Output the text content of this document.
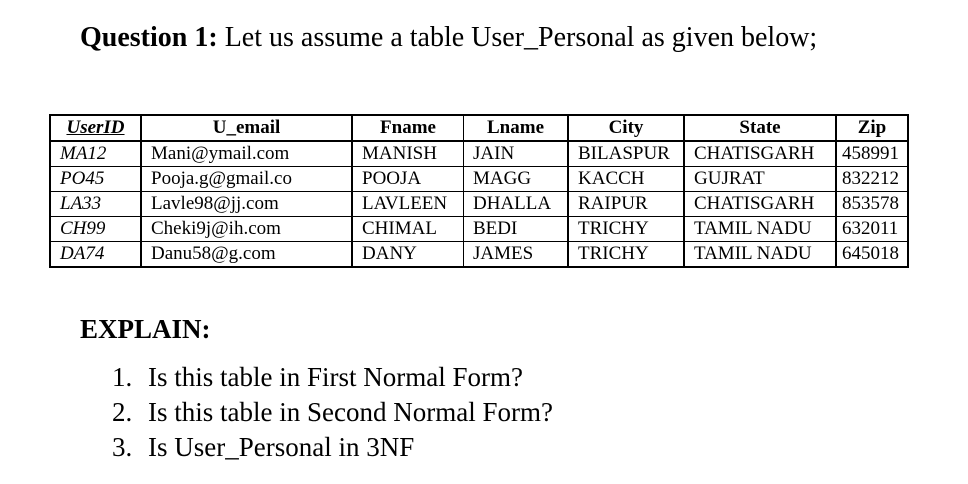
Question 1: Let us assume a table User_Personal as given below;
UserID	U_email	Fname	Lname	City	State	Zip
MA12	Mani@ymail.com	MANISH	JAIN	BILASPUR	CHATISGARH	458991
PO45	Pooja.g@gmail.co	POOJA	MAGG	KACCH	GUJRAT	832212
LA33	Lavle98@jj.com	LAVLEEN	DHALLA	RAIPUR	CHATISGARH	853578
CH99	Cheki9j@ih.com	CHIMAL	BEDI	TRICHY	TAMIL NADU	632011
DA74	Danu58@g.com	DANY	JAMES	TRICHY	TAMIL NADU	645018
EXPLAIN:
1. Is this table in First Normal Form?
2. Is this table in Second Normal Form?
3. Is User_Personal in 3NF
